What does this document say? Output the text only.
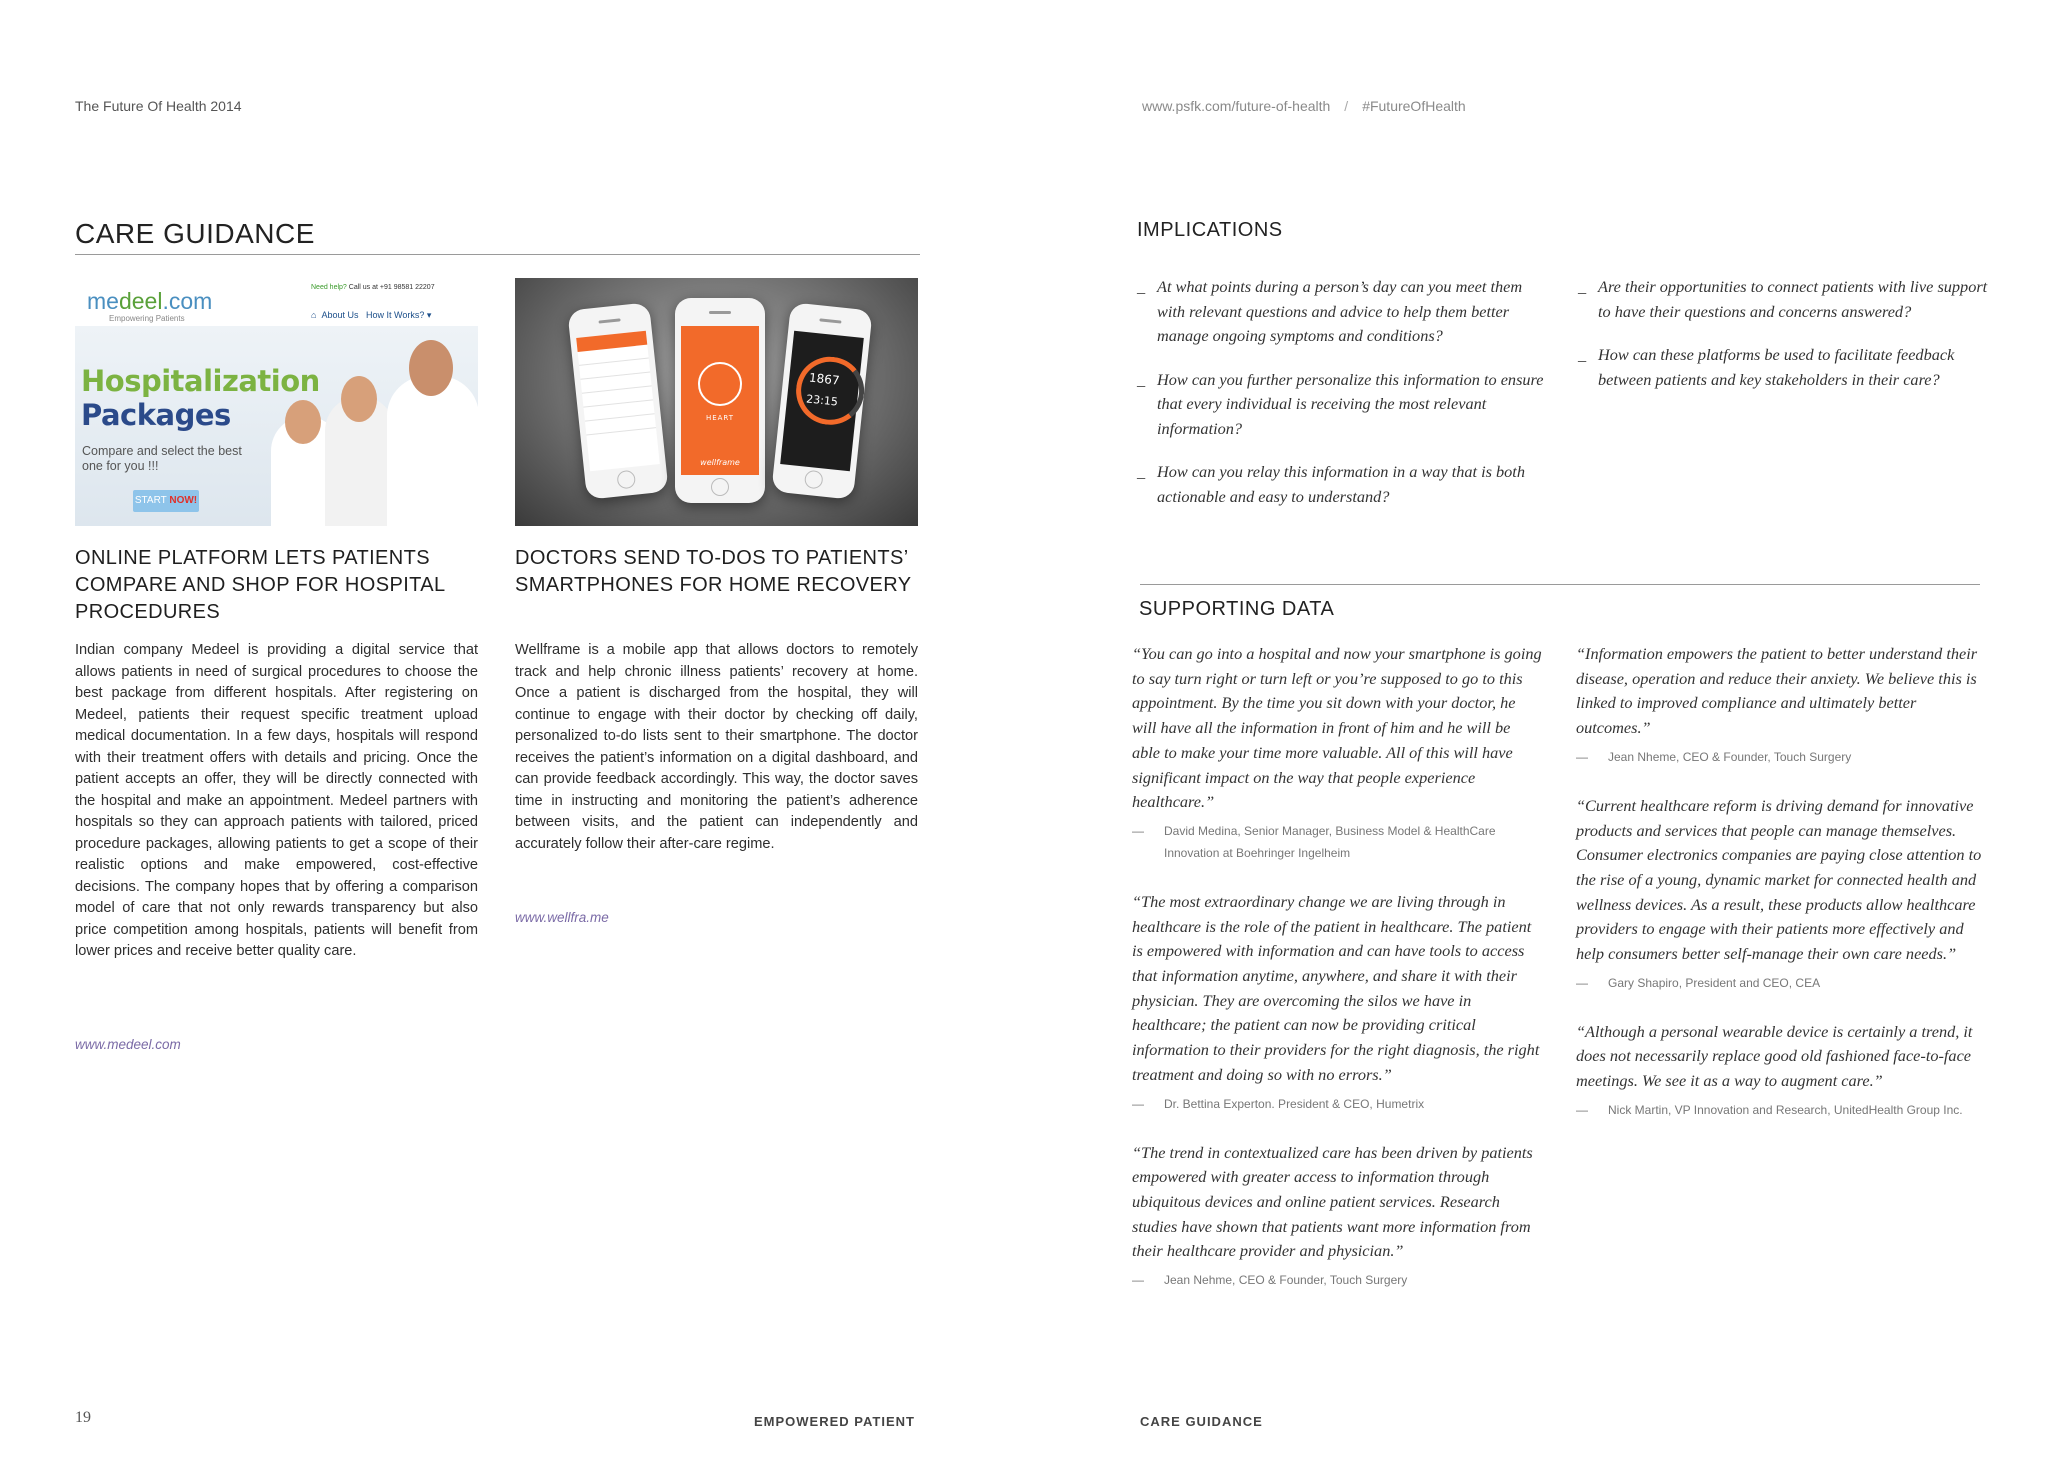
The Future Of Health 2014	www.psfk.com/future-of-health / #FutureOfHealth
CARE GUIDANCE
medeel.com
Empowering Patients
Need help? Call us at +91 98581 22207
⌂ About Us How It Works? ▾
Hospitalization
Packages
Compare and select the best one for you !!!
START NOW!
HEART
wellframe
1867
23:15
ONLINE PLATFORM LETS PATIENTS COMPARE AND SHOP FOR HOSPITAL PROCEDURES
Indian company Medeel is providing a digital service that allows patients in need of surgical procedures to choose the best package from different hospitals. After registering on Medeel, patients their request specific treatment upload medical documentation. In a few days, hospitals will respond with their treatment offers with details and pricing. Once the patient accepts an offer, they will be directly connected with the hospital and make an appointment. Medeel partners with hospitals so they can approach patients with tailored, priced procedure packages, allowing patients to get a scope of their realistic options and make empowered, cost-effective decisions. The company hopes that by offering a comparison model of care that not only rewards transparency but also price competition among hospitals, patients will benefit from lower prices and receive better quality care.
www.medeel.com
DOCTORS SEND TO-DOS TO PATIENTS’ SMARTPHONES FOR HOME RECOVERY
Wellframe is a mobile app that allows doctors to remotely track and help chronic illness patients’ recovery at home. Once a patient is discharged from the hospital, they will continue to engage with their doctor by checking off daily, personalized to-do lists sent to their smartphone. The doctor receives the patient’s information on a digital dashboard, and can provide feedback accordingly. This way, the doctor saves time in instructing and monitoring the patient’s adherence between visits, and the patient can independently and accurately follow their after-care regime.
www.wellfra.me
19	EMPOWERED PATIENT
IMPLICATIONS
_ At what points during a person’s day can you meet them with relevant questions and advice to help them better manage ongoing symptoms and conditions?
_ How can you further personalize this information to ensure that every individual is receiving the most relevant information?
_ How can you relay this information in a way that is both actionable and easy to understand?
_ Are their opportunities to connect patients with live support to have their questions and concerns answered?
_ How can these platforms be used to facilitate feedback between patients and key stakeholders in their care?
SUPPORTING DATA
“You can go into a hospital and now your smartphone is going to say turn right or turn left or you’re supposed to go to this appointment. By the time you sit down with your doctor, he will have all the information in front of him and he will be able to make your time more valuable. All of this will have significant impact on the way that people experience healthcare.”
— David Medina, Senior Manager, Business Model & HealthCare Innovation at Boehringer Ingelheim
“The most extraordinary change we are living through in healthcare is the role of the patient in healthcare. The patient is empowered with information and can have tools to access that information anytime, anywhere, and share it with their physician. They are overcoming the silos we have in healthcare; the patient can now be providing critical information to their providers for the right diagnosis, the right treatment and doing so with no errors.”
— Dr. Bettina Experton. President & CEO, Humetrix
“The trend in contextualized care has been driven by patients empowered with greater access to information through ubiquitous devices and online patient services. Research studies have shown that patients want more information from their healthcare provider and physician.”
— Jean Nehme, CEO & Founder, Touch Surgery
“Information empowers the patient to better understand their disease, operation and reduce their anxiety. We believe this is linked to improved compliance and ultimately better outcomes.”
— Jean Nheme, CEO & Founder, Touch Surgery
“Current healthcare reform is driving demand for innovative products and services that people can manage themselves. Consumer electronics companies are paying close attention to the rise of a young, dynamic market for connected health and wellness devices. As a result, these products allow healthcare providers to engage with their patients more effectively and help consumers better self-manage their own care needs.”
— Gary Shapiro, President and CEO, CEA
“Although a personal wearable device is certainly a trend, it does not necessarily replace good old fashioned face-to-face meetings. We see it as a way to augment care.”
— Nick Martin, VP Innovation and Research, UnitedHealth Group Inc.
CARE GUIDANCE
